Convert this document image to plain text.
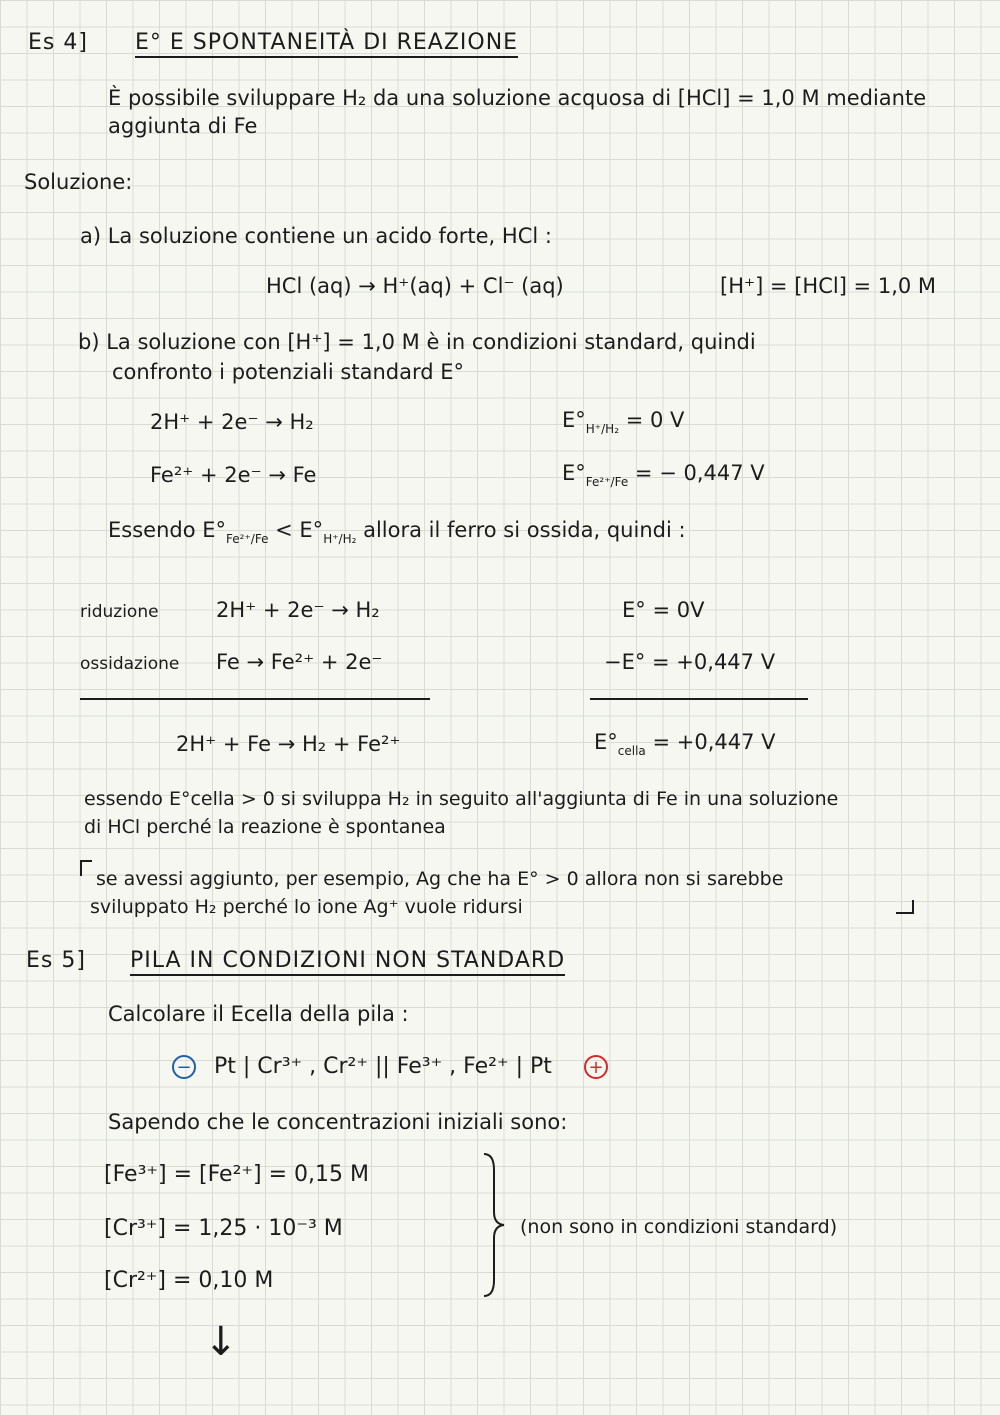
Es 4] E° E SPONTANEITÀ DI REAZIONE
È possibile sviluppare H₂ da una soluzione acquosa di [HCl] = 1,0 M mediante
aggiunta di Fe
Soluzione:
a) La soluzione contiene un acido forte, HCl :
HCl (aq) → H⁺(aq) + Cl⁻ (aq)	[H⁺] = [HCl] = 1,0 M
b) La soluzione con [H⁺] = 1,0 M è in condizioni standard, quindi
confronto i potenziali standard E°
2H⁺ + 2e⁻ → H₂	$E^\circ_{H^+/H_2} = 0$ V
Fe²⁺ + 2e⁻ → Fe	$E^\circ_{Fe^{2+}/Fe}$ = − 0,447 V
Essendo $E^\circ_{Fe^{2+}/Fe} < E^\circ_{H^+/H_2}$ allora il ferro si ossida, quindi :
riduzione	2H⁺ + 2e⁻ → H₂	E° = 0V
ossidazione Fe → Fe²⁺ + 2e⁻	−E° = +0,447 V
2H⁺ + Fe → H₂ + Fe²⁺	$E^\circ_{cella} = +0,447$ V
essendo E°cella > 0 si sviluppa H₂ in seguito all'aggiunta di Fe in una soluzione
di HCl perché la reazione è spontanea
se avessi aggiunto, per esempio, Ag che ha E° > 0 allora non si sarebbe
sviluppato H₂ perché lo ione Ag⁺ vuole ridursi
Es 5] PILA IN CONDIZIONI NON STANDARD
Calcolare il Ecella della pila :
− Pt | Cr³⁺ , Cr²⁺ || Fe³⁺ , Fe²⁺ | Pt +
Sapendo che le concentrazioni iniziali sono:
[Fe³⁺] = [Fe²⁺] = 0,15 M
[Cr³⁺] = 1,25 · 10⁻³ M
[Cr²⁺] = 0,10 M
(non sono in condizioni standard)
↓
